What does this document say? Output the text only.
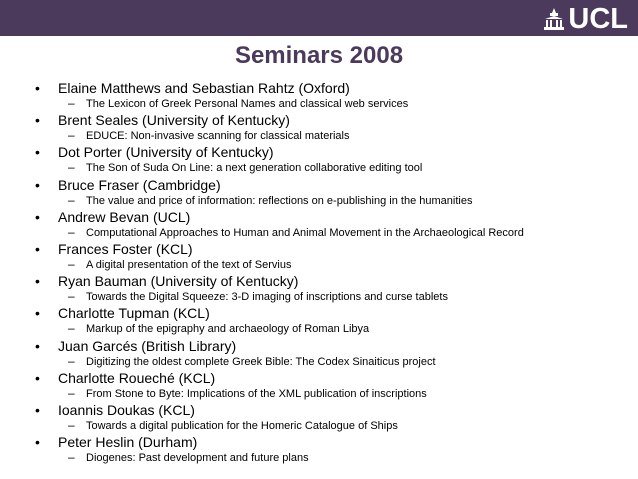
UCL
Seminars 2008
• Elaine Matthews and Sebastian Rahtz (Oxford)
– The Lexicon of Greek Personal Names and classical web services
• Brent Seales (University of Kentucky)
– EDUCE: Non-invasive scanning for classical materials
• Dot Porter (University of Kentucky)
– The Son of Suda On Line: a next generation collaborative editing tool
• Bruce Fraser (Cambridge)
– The value and price of information: reflections on e-publishing in the humanities
• Andrew Bevan (UCL)
– Computational Approaches to Human and Animal Movement in the Archaeological Record
• Frances Foster (KCL)
– A digital presentation of the text of Servius
• Ryan Bauman (University of Kentucky)
– Towards the Digital Squeeze: 3-D imaging of inscriptions and curse tablets
• Charlotte Tupman (KCL)
– Markup of the epigraphy and archaeology of Roman Libya
• Juan Garcés (British Library)
– Digitizing the oldest complete Greek Bible: The Codex Sinaiticus project
• Charlotte Roueché (KCL)
– From Stone to Byte: Implications of the XML publication of inscriptions
• Ioannis Doukas (KCL)
– Towards a digital publication for the Homeric Catalogue of Ships
• Peter Heslin (Durham)
– Diogenes: Past development and future plans
